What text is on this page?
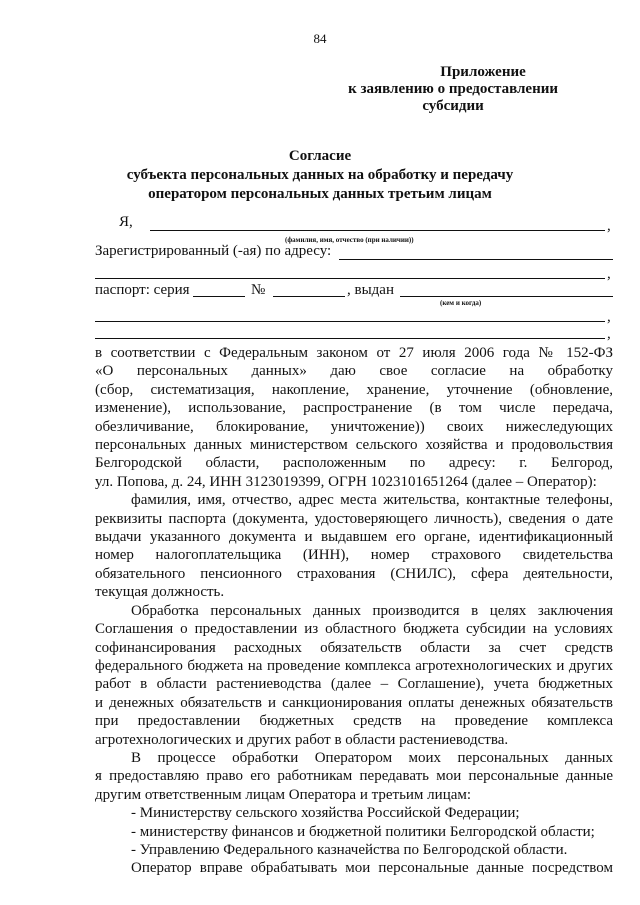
84
Приложение
к заявлению о предоставлении
субсидии
Согласие
субъекта персональных данных на обработку и передачу
оператором персональных данных третьим лицам
Я,	,
(фамилия, имя, отчество (при наличии))
Зарегистрированный (-ая) по адресу:
,
паспорт: серия	№	, выдан
(кем и когда)
,
,

в соответствии с Федеральным законом от 27 июля 2006 года № 152-ФЗ

«О персональных данных» даю свое согласие на обработку

(сбор, систематизация, накопление, хранение, уточнение (обновление,

изменение), использование, распространение (в том числе передача,

обезличивание, блокирование, уничтожение)) своих нижеследующих

персональных данных министерством сельского хозяйства и продовольствия

Белгородской области, расположенным по адресу: г. Белгород,

ул. Попова, д. 24, ИНН 3123019399, ОГРН 1023101651264 (далее – Оператор):

фамилия, имя, отчество, адрес места жительства, контактные телефоны,

реквизиты паспорта (документа, удостоверяющего личность), сведения о дате

выдачи указанного документа и выдавшем его органе, идентификационный

номер налогоплательщика (ИНН), номер страхового свидетельства

обязательного пенсионного страхования (СНИЛС), сфера деятельности,

текущая должность.

Обработка персональных данных производится в целях заключения

Соглашения о предоставлении из областного бюджета субсидии на условиях

софинансирования расходных обязательств области за счет средств

федерального бюджета на проведение комплекса агротехнологических и других

работ в области растениеводства (далее – Соглашение), учета бюджетных

и денежных обязательств и санкционирования оплаты денежных обязательств

при предоставлении бюджетных средств на проведение комплекса

агротехнологических и других работ в области растениеводства.

В процессе обработки Оператором моих персональных данных

я предоставляю право его работникам передавать мои персональные данные

другим ответственным лицам Оператора и третьим лицам:

- Министерству сельского хозяйства Российской Федерации;

- министерству финансов и бюджетной политики Белгородской области;

- Управлению Федерального казначейства по Белгородской области.

Оператор вправе обрабатывать мои персональные данные посредством
